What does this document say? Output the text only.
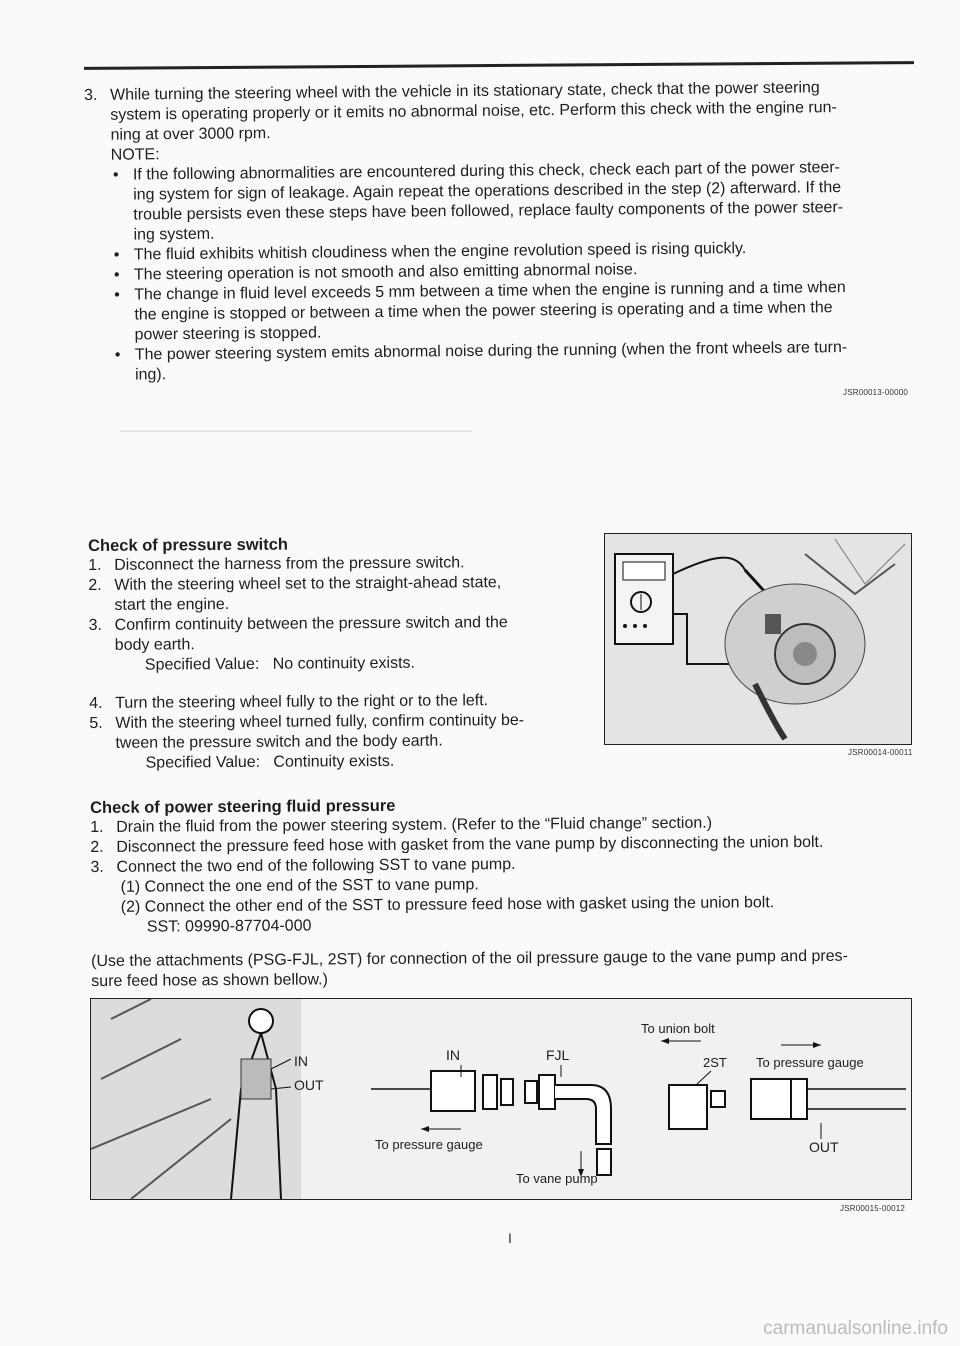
3. While turning the steering wheel with the vehicle in its stationary state, check that the power steering
system is operating properly or it emits no abnormal noise, etc. Perform this check with the engine run-
ning at over 3000 rpm.
NOTE:
• If the following abnormalities are encountered during this check, check each part of the power steer-
ing system for sign of leakage. Again repeat the operations described in the step (2) afterward. If the
trouble persists even these steps have been followed, replace faulty components of the power steer-
ing system.
• The fluid exhibits whitish cloudiness when the engine revolution speed is rising quickly.
• The steering operation is not smooth and also emitting abnormal noise.
• The change in fluid level exceeds 5 mm between a time when the engine is running and a time when
the engine is stopped or between a time when the power steering is operating and a time when the
power steering is stopped.
• The power steering system emits abnormal noise during the running (when the front wheels are turn-
ing).
JSR00013-00000
————————————————————————————————
Check of pressure switch
1. Disconnect the harness from the pressure switch.
2. With the steering wheel set to the straight-ahead state,
start the engine.
3. Confirm continuity between the pressure switch and the
body earth.
Specified Value: No continuity exists.
4. Turn the steering wheel fully to the right or to the left.
5. With the steering wheel turned fully, confirm continuity be-
tween the pressure switch and the body earth.
Specified Value: Continuity exists.
JSR00014-00011
Check of power steering fluid pressure
1. Drain the fluid from the power steering system. (Refer to the “Fluid change” section.)
2. Disconnect the pressure feed hose with gasket from the vane pump by disconnecting the union bolt.
3. Connect the two end of the following SST to vane pump.
(1) Connect the one end of the SST to vane pump.
(2) Connect the other end of the SST to pressure feed hose with gasket using the union bolt.
SST: 09990-87704-000
(Use the attachments (PSG-FJL, 2ST) for connection of the oil pressure gauge to the vane pump and pres-
sure feed hose as shown bellow.)
IN
OUT
IN	FJL
To union bolt
2ST To pressure gauge
To pressure gauge
To vane pump
OUT
JSR00015-00012
I
carmanualsonline.info
